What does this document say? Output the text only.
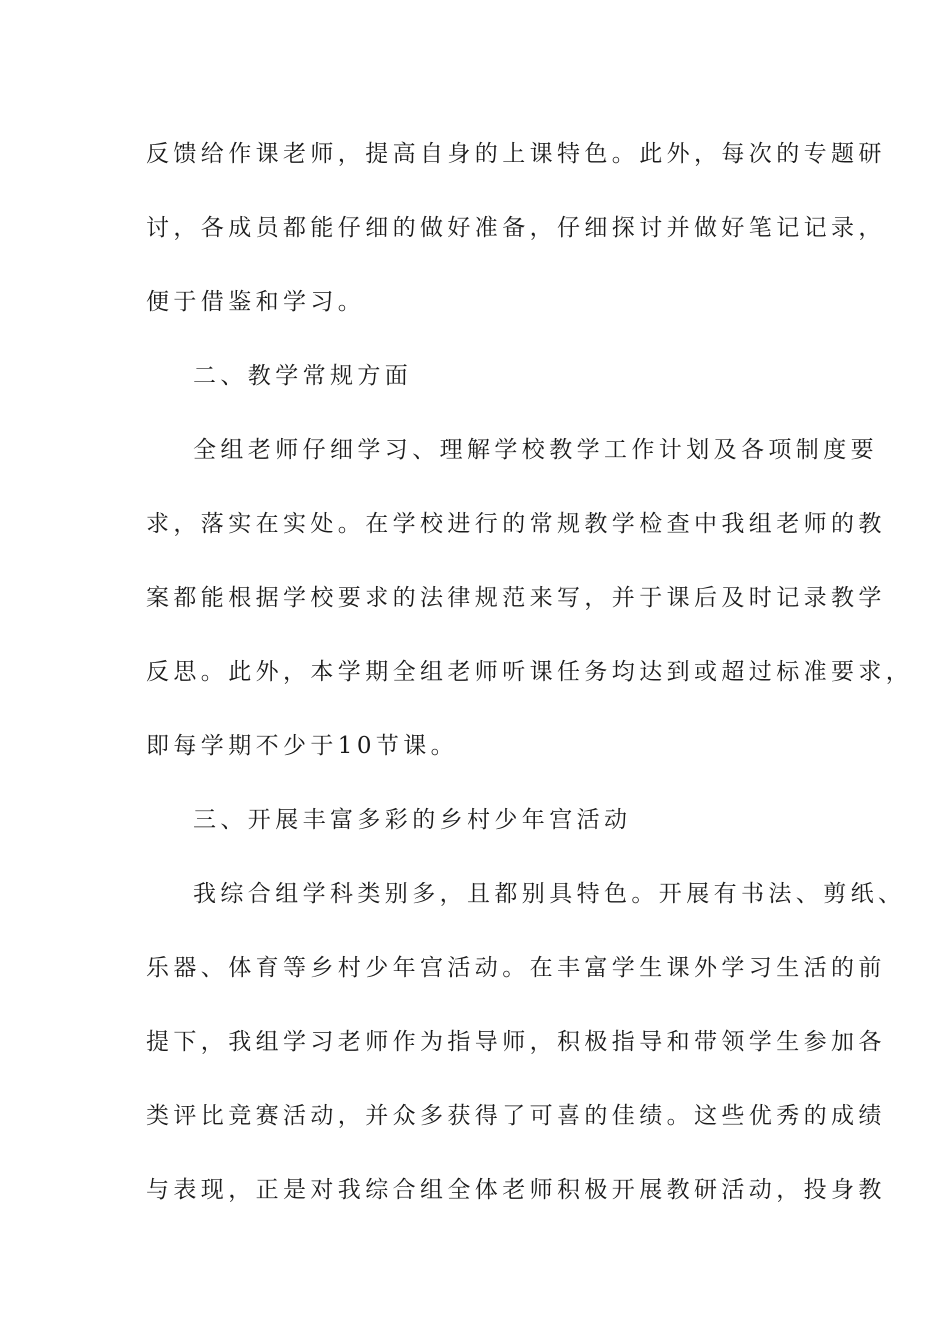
反馈给作课老师，提高自身的上课特色。此外，每次的专题研
讨，各成员都能仔细的做好准备，仔细探讨并做好笔记记录，
便于借鉴和学习。
二、教学常规方面
全组老师仔细学习、理解学校教学工作计划及各项制度要
求，落实在实处。在学校进行的常规教学检查中我组老师的教
案都能根据学校要求的法律规范来写，并于课后及时记录教学
反思。此外，本学期全组老师听课任务均达到或超过标准要求，
即每学期不少于10节课。
三、开展丰富多彩的乡村少年宫活动
我综合组学科类别多，且都别具特色。开展有书法、剪纸、
乐器、体育等乡村少年宫活动。在丰富学生课外学习生活的前
提下，我组学习老师作为指导师，积极指导和带领学生参加各
类评比竞赛活动，并众多获得了可喜的佳绩。这些优秀的成绩
与表现，正是对我综合组全体老师积极开展教研活动，投身教
